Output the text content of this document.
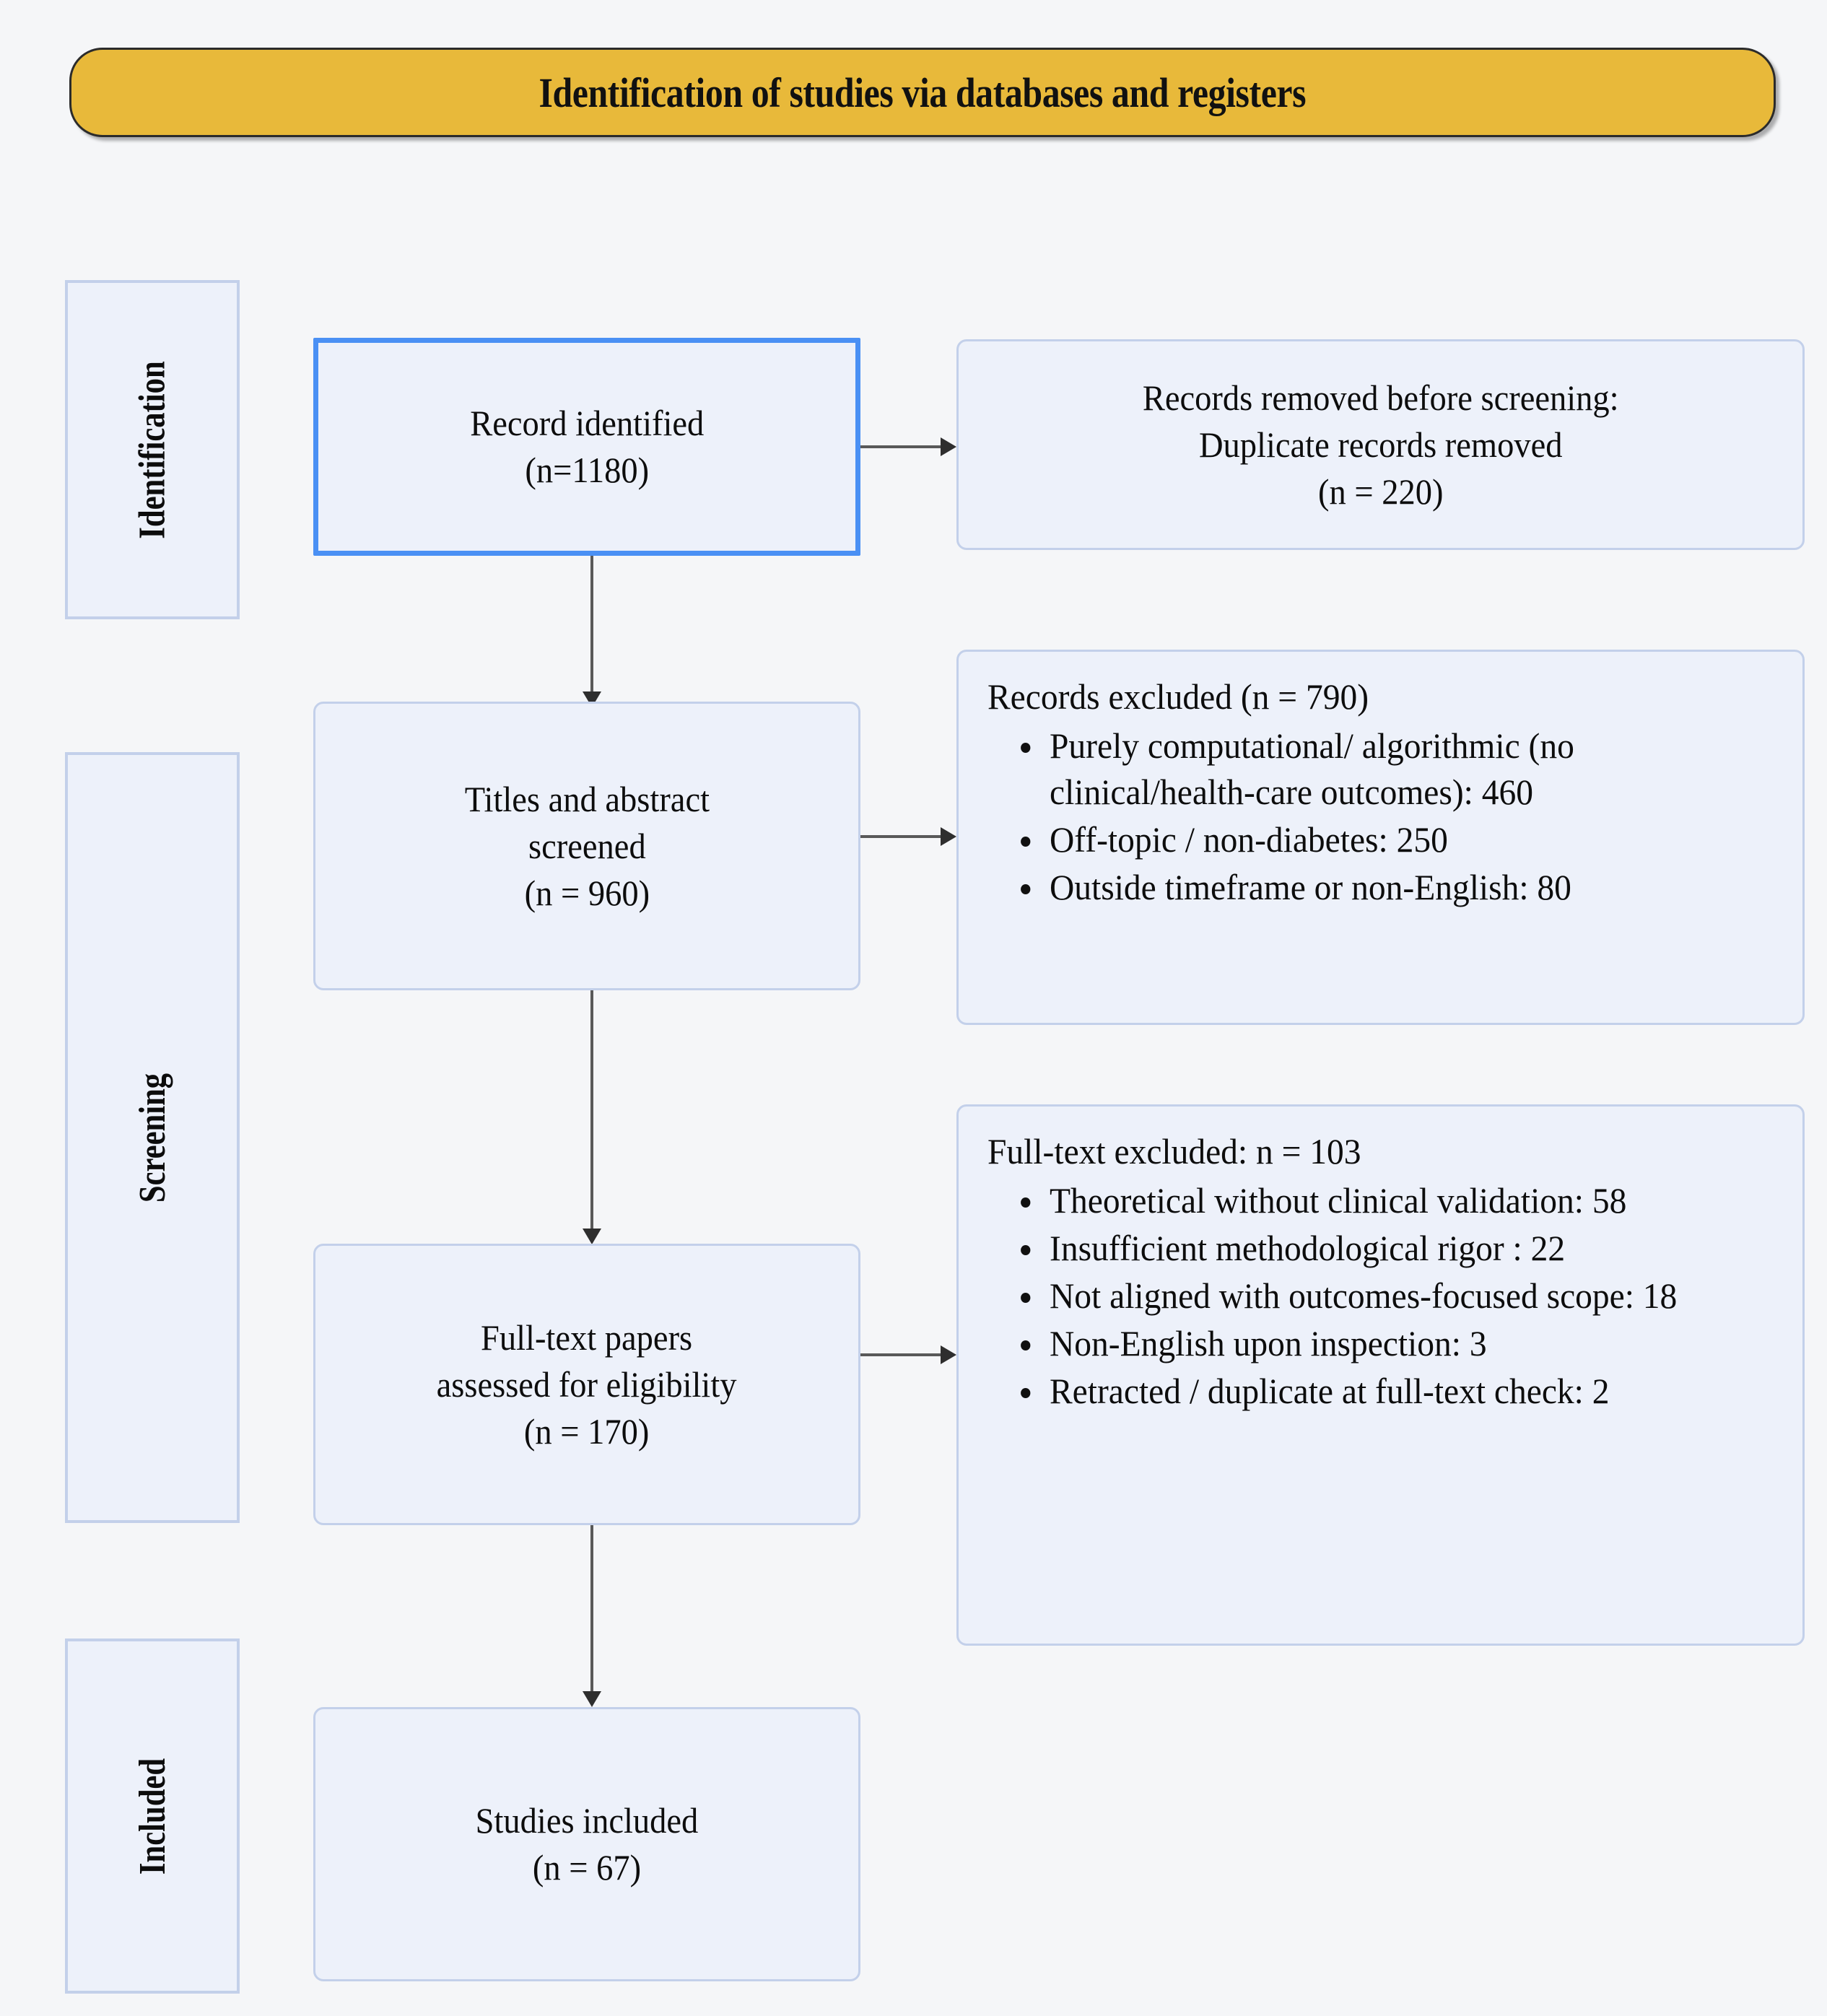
Identification of studies via databases and registers
Identification
Screening
Included
Record identified
(n=1180)
Records removed before screening:
Duplicate records removed
(n = 220)
Titles and abstract
screened
(n = 960)
Records excluded (n = 790)
Purely computational/ algorithmic (no clinical/health-care outcomes): 460
Off-topic / non-diabetes: 250
Outside timeframe or non-English: 80
Full-text papers
assessed for eligibility
(n = 170)
Full-text excluded: n = 103
Theoretical without clinical validation: 58
Insufficient methodological rigor : 22
Not aligned with outcomes-focused scope: 18
Non-English upon inspection: 3
Retracted / duplicate at full-text check: 2
Studies included
(n = 67)
